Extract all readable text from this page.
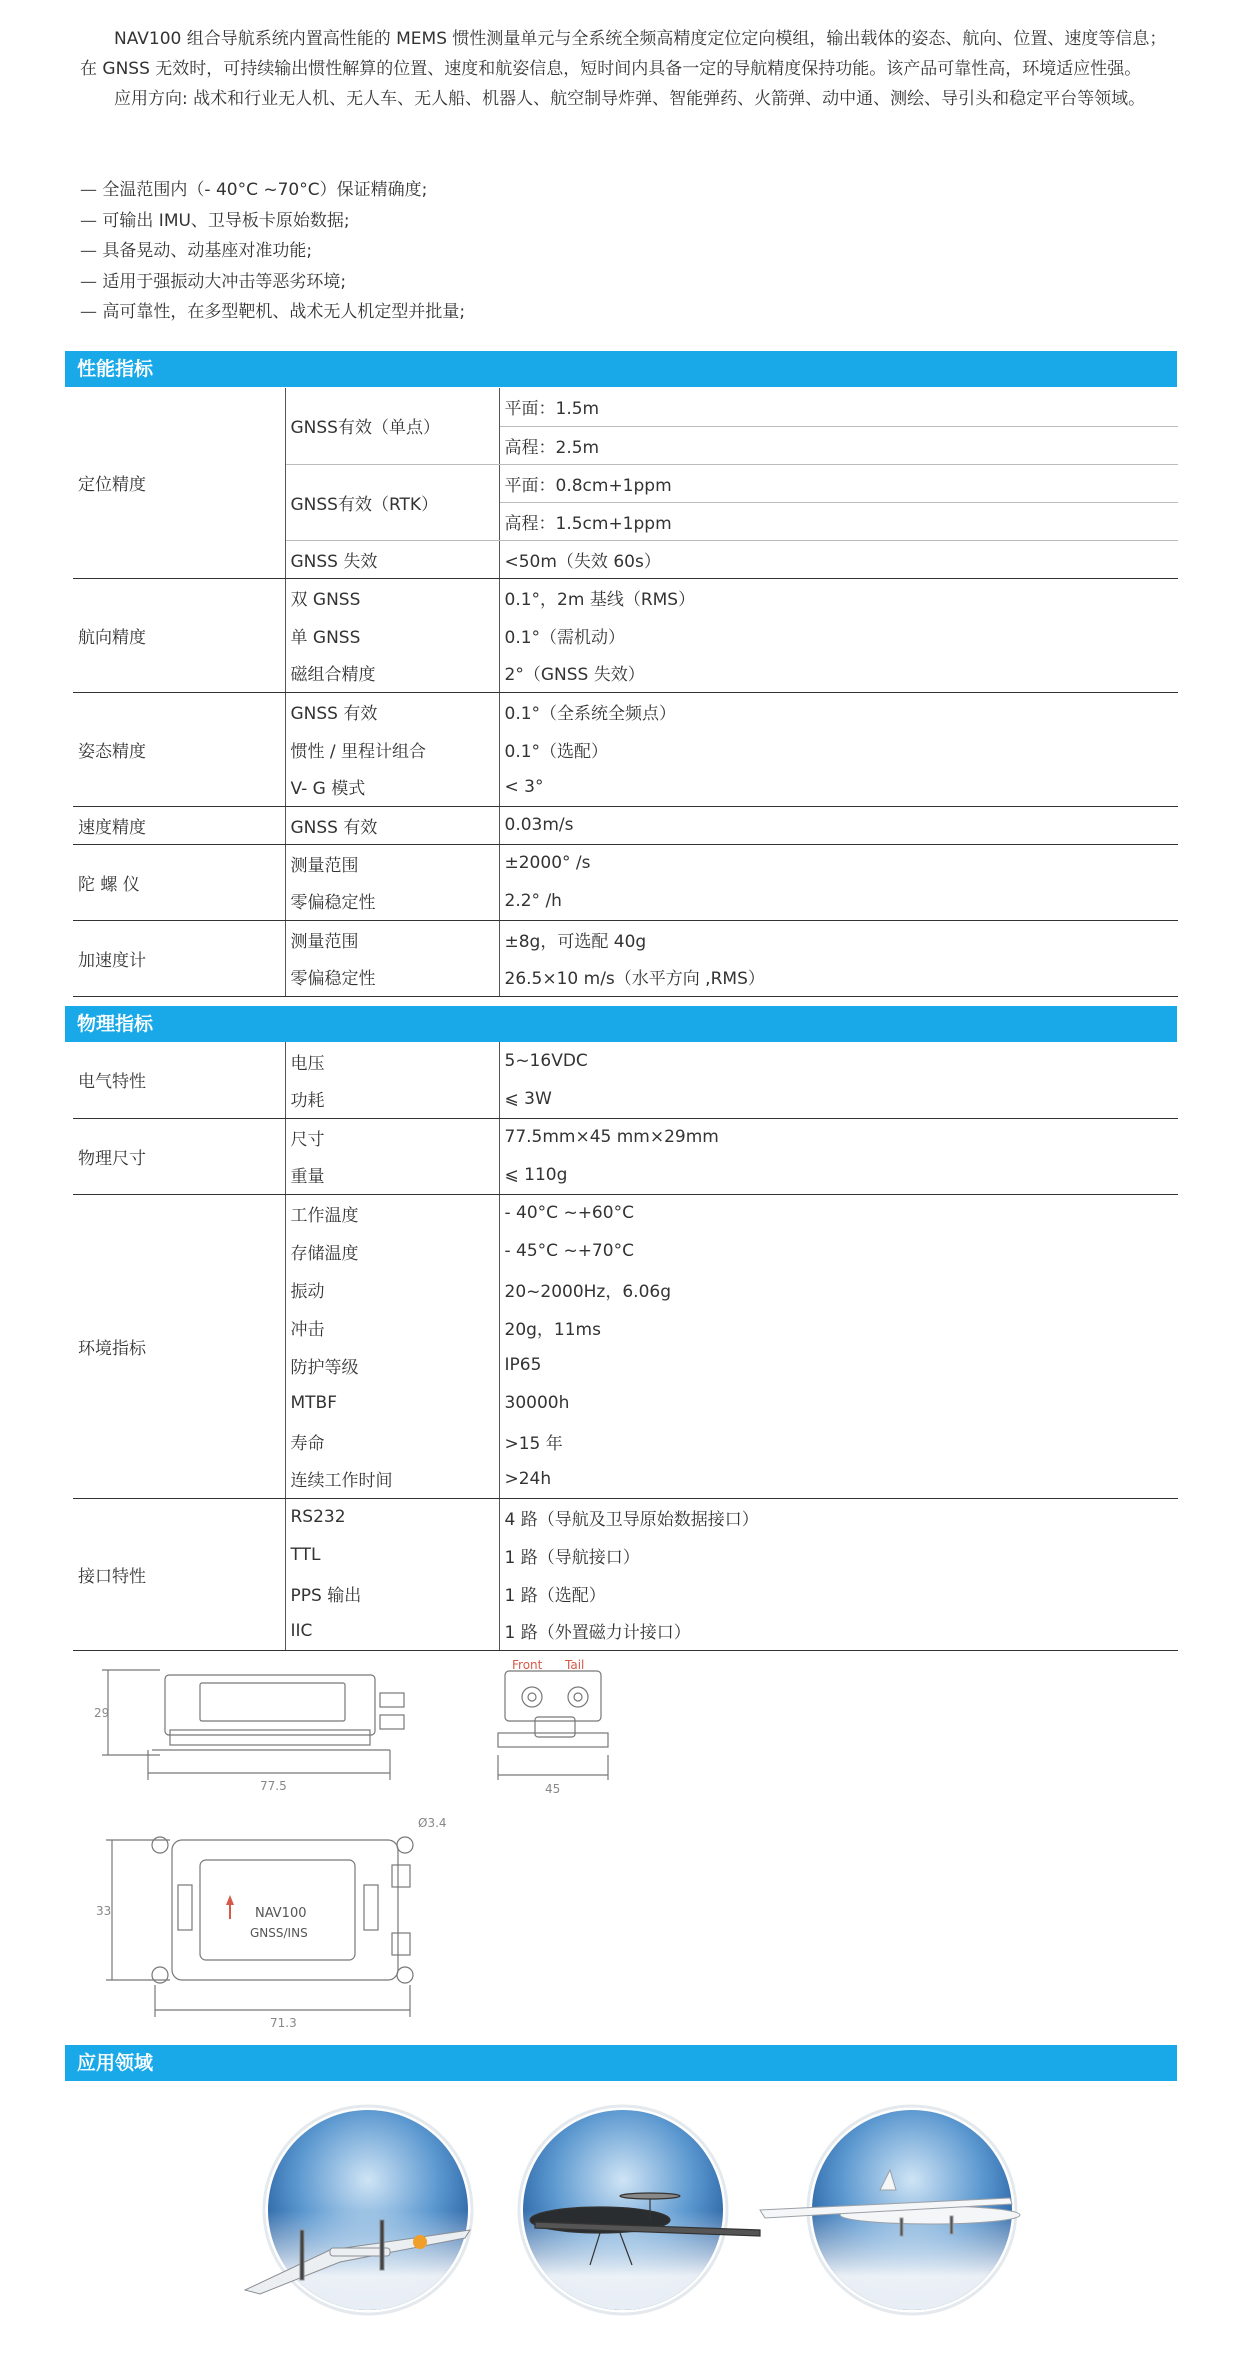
NAV100 组合导航系统内置高性能的 MEMS 惯性测量单元与全系统全频高精度定位定向模组，输出载体的姿态、航向、位置、速度等信息；在 GNSS 无效时，可持续输出惯性解算的位置、速度和航姿信息，短时间内具备一定的导航精度保持功能。该产品可靠性高，环境适应性强。

应用方向: 战术和行业无人机、无人车、无人船、机器人、航空制导炸弹、智能弹药、火箭弹、动中通、测绘、导引头和稳定平台等领域。

— 全温范围内（- 40°C ~70°C）保证精确度;
— 可输出 IMU、卫导板卡原始数据;
— 具备晃动、动基座对准功能;
— 适用于强振动大冲击等恶劣环境;
— 高可靠性，在多型靶机、战术无人机定型并批量;
性能指标
定位精度	GNSS有效（单点）	平面：1.5m
		高程：2.5m
	GNSS有效（RTK）	平面：0.8cm+1ppm
		高程：1.5cm+1ppm
	GNSS 失效	<50m（失效 60s）
航向精度	双 GNSS	0.1°，2m 基线（RMS）
	单 GNSS	0.1°（需机动）
	磁组合精度	2°（GNSS 失效）
姿态精度	GNSS 有效	0.1°（全系统全频点）
	惯性 / 里程计组合	0.1°（选配）
	V- G 模式	< 3°
速度精度	GNSS 有效	0.03m/s
陀 螺 仪	测量范围	±2000° /s
	零偏稳定性	2.2° /h
加速度计	测量范围	±8g，可选配 40g
	零偏稳定性	26.5×10 m/s（水平方向 ,RMS）
物理指标
电气特性	电压	5~16VDC
	功耗	⩽ 3W
物理尺寸	尺寸	77.5mm×45 mm×29mm
	重量	⩽ 110g
环境指标	工作温度	- 40°C ~+60°C
	存储温度	- 45°C ~+70°C
	振动	20~2000Hz，6.06g
	冲击	20g，11ms
	防护等级	IP65
	MTBF	30000h
	寿命	>15 年
	连续工作时间	>24h
接口特性	RS232	4 路（导航及卫导原始数据接口）
	TTL	1 路（导航接口）
	PPS 输出	1 路（选配）
	IIC	1 路（外置磁力计接口）
29
77.5	45
Front Tail
33
71.3
Ø3.4
NAV100
GNSS/INS
应用领域
